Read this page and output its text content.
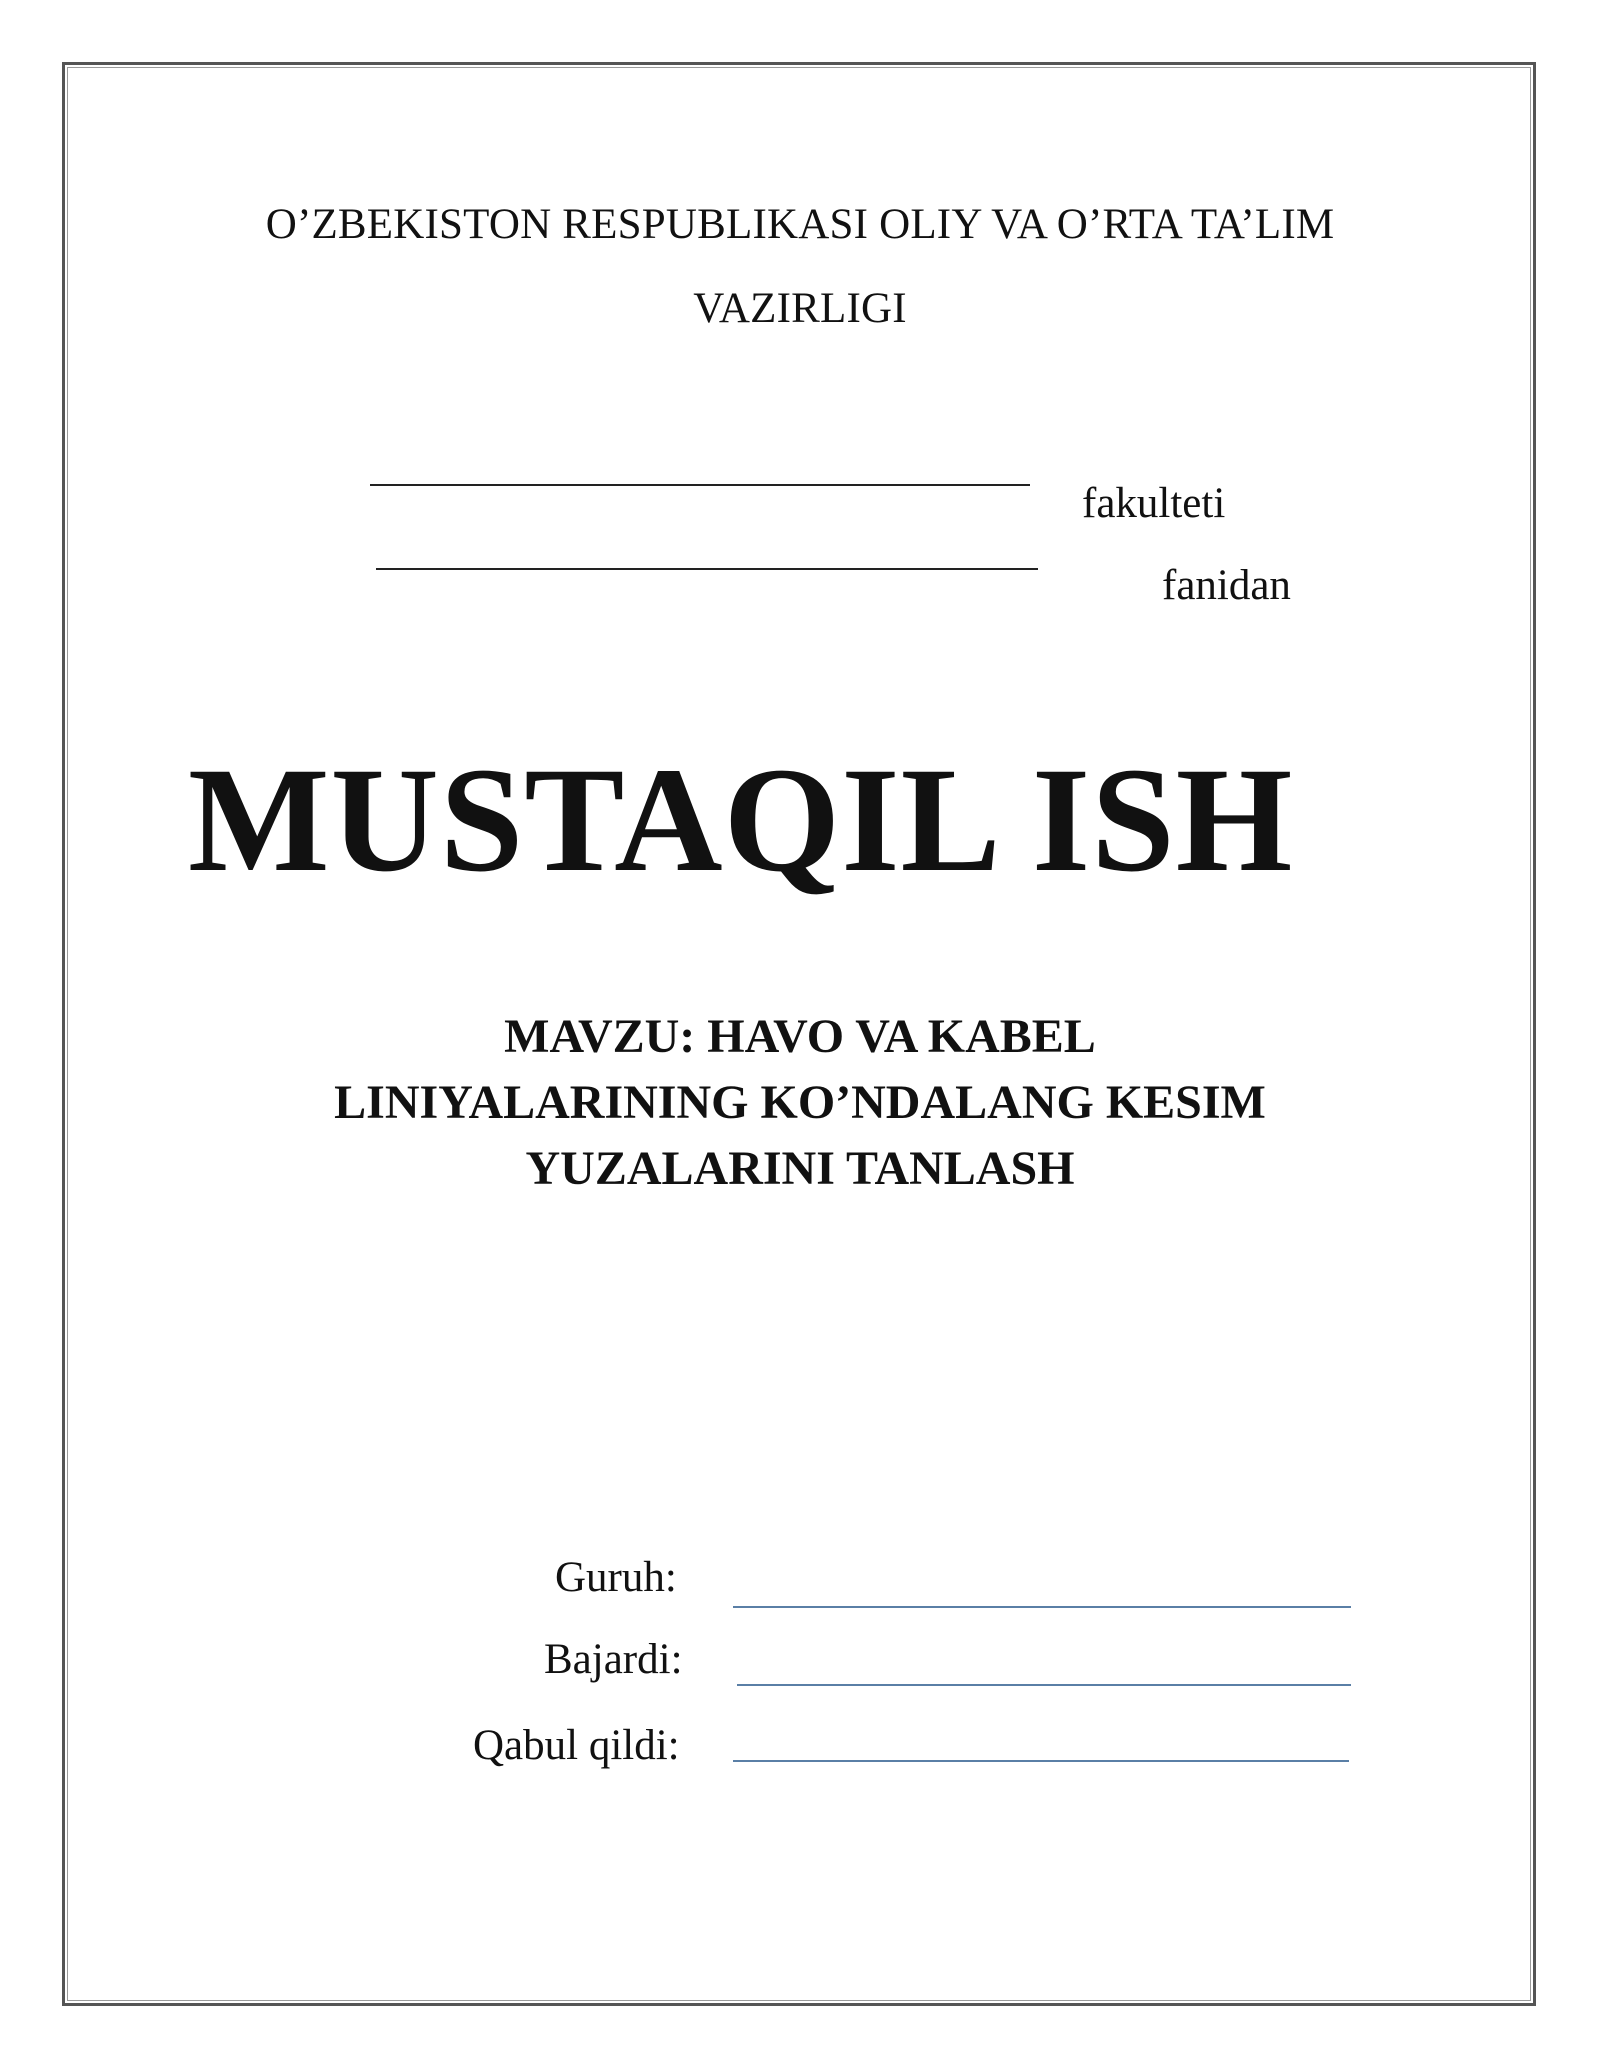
O’ZBEKISTON RESPUBLIKASI OLIY VA O’RTA TA’LIM
VAZIRLIGI
fakulteti
fanidan
MUSTAQIL ISH
MAVZU: HAVO VA KABEL
LINIYALARINING KO’NDALANG KESIM
YUZALARINI TANLASH
Guruh:
Bajardi:
Qabul qildi:
